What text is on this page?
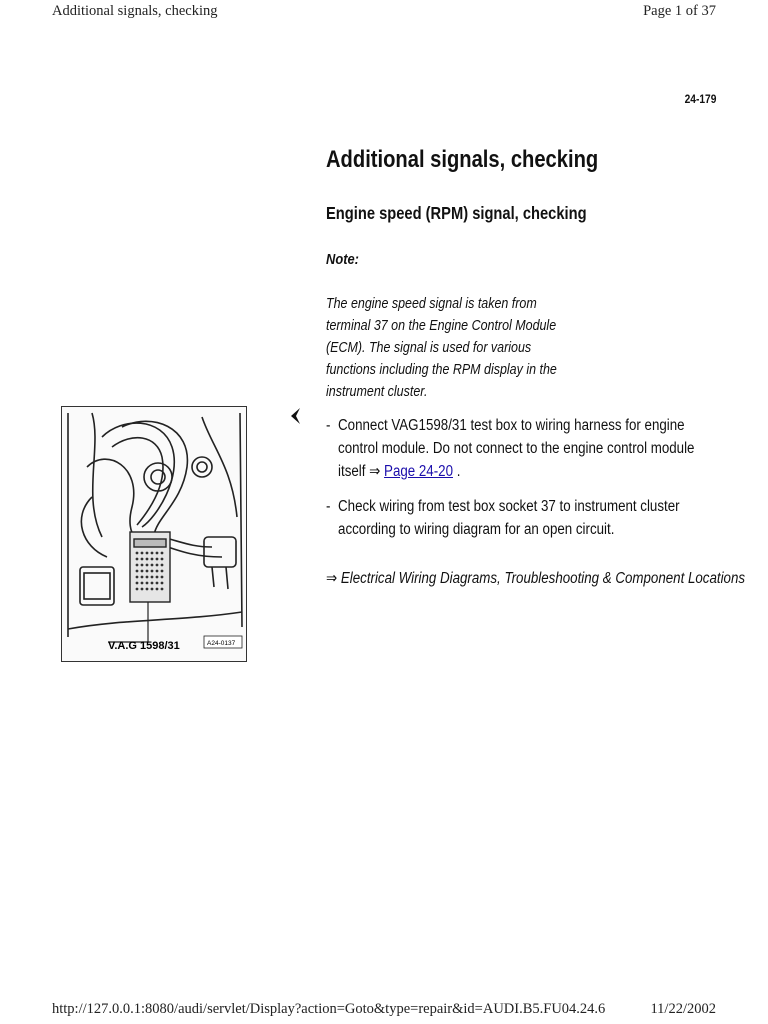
Additional signals, checking	Page 1 of 37
24-179
Additional signals, checking
Engine speed (RPM) signal, checking
Note:
The engine speed signal is taken from terminal 37 on the Engine Control Module (ECM). The signal is used for various functions including the RPM display in the instrument cluster.
V.A.G 1598/31	A24-0137
- Connect VAG1598/31 test box to wiring harness for engine control module. Do not connect to the engine control module itself ⇒ Page 24-20 .
- Check wiring from test box socket 37 to instrument cluster according to wiring diagram for an open circuit.
⇒ Electrical Wiring Diagrams, Troubleshooting & Component Locations
http://127.0.0.1:8080/audi/servlet/Display?action=Goto&type=repair&id=AUDI.B5.FU04.24.6	11/22/2002
